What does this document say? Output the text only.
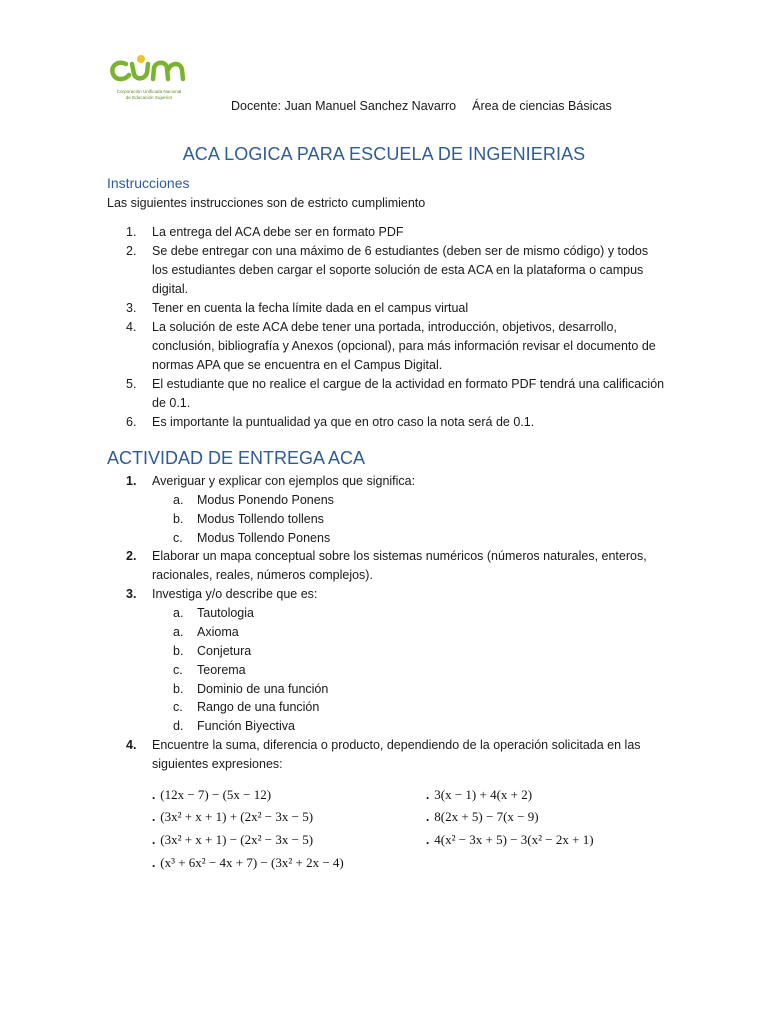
Corporación Unificada Nacional
de Educación Superior
Docente: Juan Manuel Sanchez Navarro Área de ciencias Básicas
ACA LOGICA PARA ESCUELA DE INGENIERIAS
Instrucciones
Las siguientes instrucciones son de estricto cumplimiento
1.	La entrega del ACA debe ser en formato PDF
2.	Se debe entregar con una máximo de 6 estudiantes (deben ser de mismo código) y todos los estudiantes deben cargar el soporte solución de esta ACA en la plataforma o campus digital.
3.	Tener en cuenta la fecha límite dada en el campus virtual
4.	La solución de este ACA debe tener una portada, introducción, objetivos, desarrollo, conclusión, bibliografía y Anexos (opcional), para más información revisar el documento de normas APA que se encuentra en el Campus Digital.
5.	El estudiante que no realice el cargue de la actividad en formato PDF tendrá una calificación de 0.1.
6.	Es importante la puntualidad ya que en otro caso la nota será de 0.1.
ACTIVIDAD DE ENTREGA ACA
1.	Averiguar y explicar con ejemplos que significa:
a. Modus Ponendo Ponens
b. Modus Tollendo tollens
c. Modus Tollendo Ponens
2.	Elaborar un mapa conceptual sobre los sistemas numéricos (números naturales, enteros, racionales, reales, números complejos).
3.	Investiga y/o describe que es:
a. Tautologia
a. Axioma
b. Conjetura
c. Teorema
b. Dominio de una función
c. Rango de una función
d. Función Biyectiva
4.	Encuentre la suma, diferencia o producto, dependiendo de la operación solicitada en las siguientes expresiones:
. (12x − 7) − (5x − 12)
. (3x² + x + 1) + (2x² − 3x − 5)
. (3x² + x + 1) − (2x² − 3x − 5)
. (x³ + 6x² − 4x + 7) − (3x² + 2x − 4)
. 3(x − 1) + 4(x + 2)
. 8(2x + 5) − 7(x − 9)
. 4(x² − 3x + 5) − 3(x² − 2x + 1)
